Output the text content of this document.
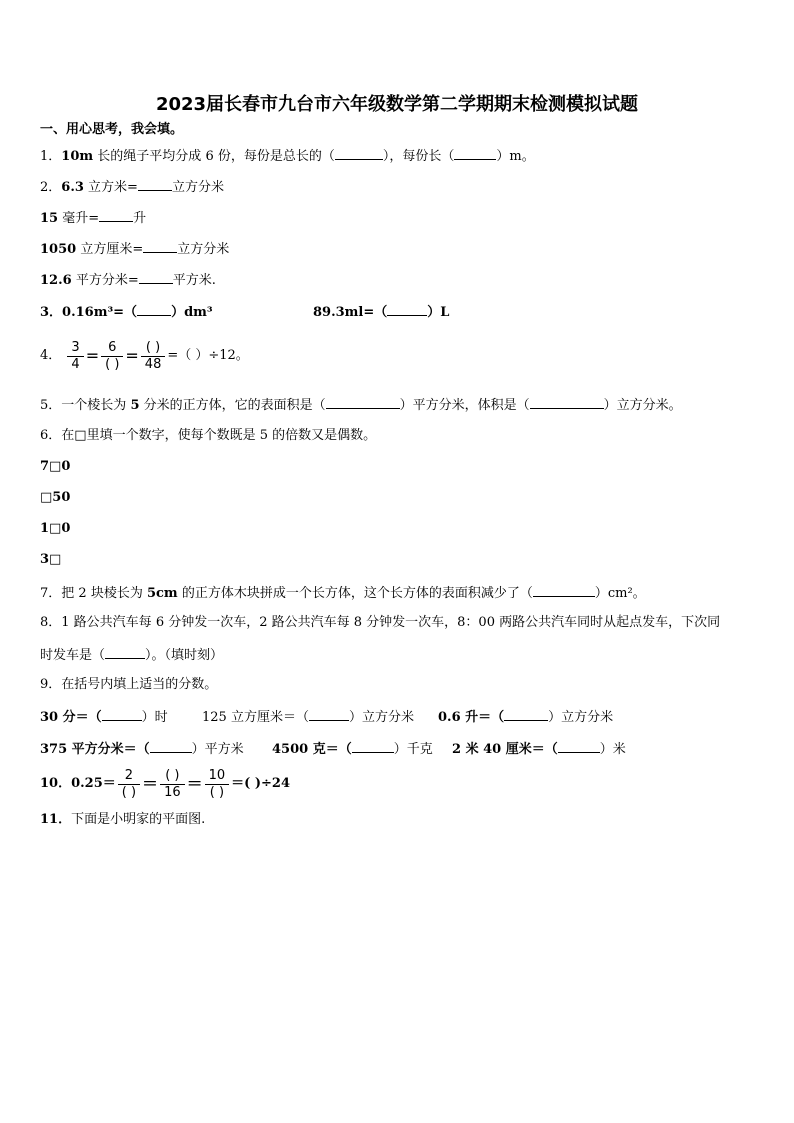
2023届长春市九台市六年级数学第二学期期末检测模拟试题
一、用心思考，我会填。
1．10m 长的绳子平均分成 6 份，每份是总长的（	），每份长（	）m。
2．6.3 立方米=	立方分米
15 毫升=	升
1050 立方厘米=	立方分米
12.6 平方分米=	平方米.
3．0.16m³=（	）dm³	89.3ml=（	）L
4． $\frac{3}{4} = \frac{6}{( )} = \frac{( )}{48}$ =（ ）÷12。
5．一个棱长为 5 分米的正方体，它的表面积是（	）平方分米，体积是（	）立方分米。
6．在□里填一个数字，使每个数既是 5 的倍数又是偶数。
7□0
□50
1□0
3□
7．把 2 块棱长为 5cm 的正方体木块拼成一个长方体，这个长方体的表面积减少了（	）cm²。
8．1 路公共汽车每 6 分钟发一次车，2 路公共汽车每 8 分钟发一次车，8：00 两路公共汽车同时从起点发车，下次同
时发车是（	）。（填时刻）
9．在括号内填上适当的分数。
30 分＝（	）时	125 立方厘米＝（	）立方分米 0.6 升＝（	）立方分米
375 平方分米＝（	）平方米 4500 克＝（	）千克 2 米 40 厘米＝（	）米
10．$0.25= \frac{2}{( )} = \frac{( )}{16} = \frac{10}{( )}$ ＝( )÷24
11．下面是小明家的平面图.
